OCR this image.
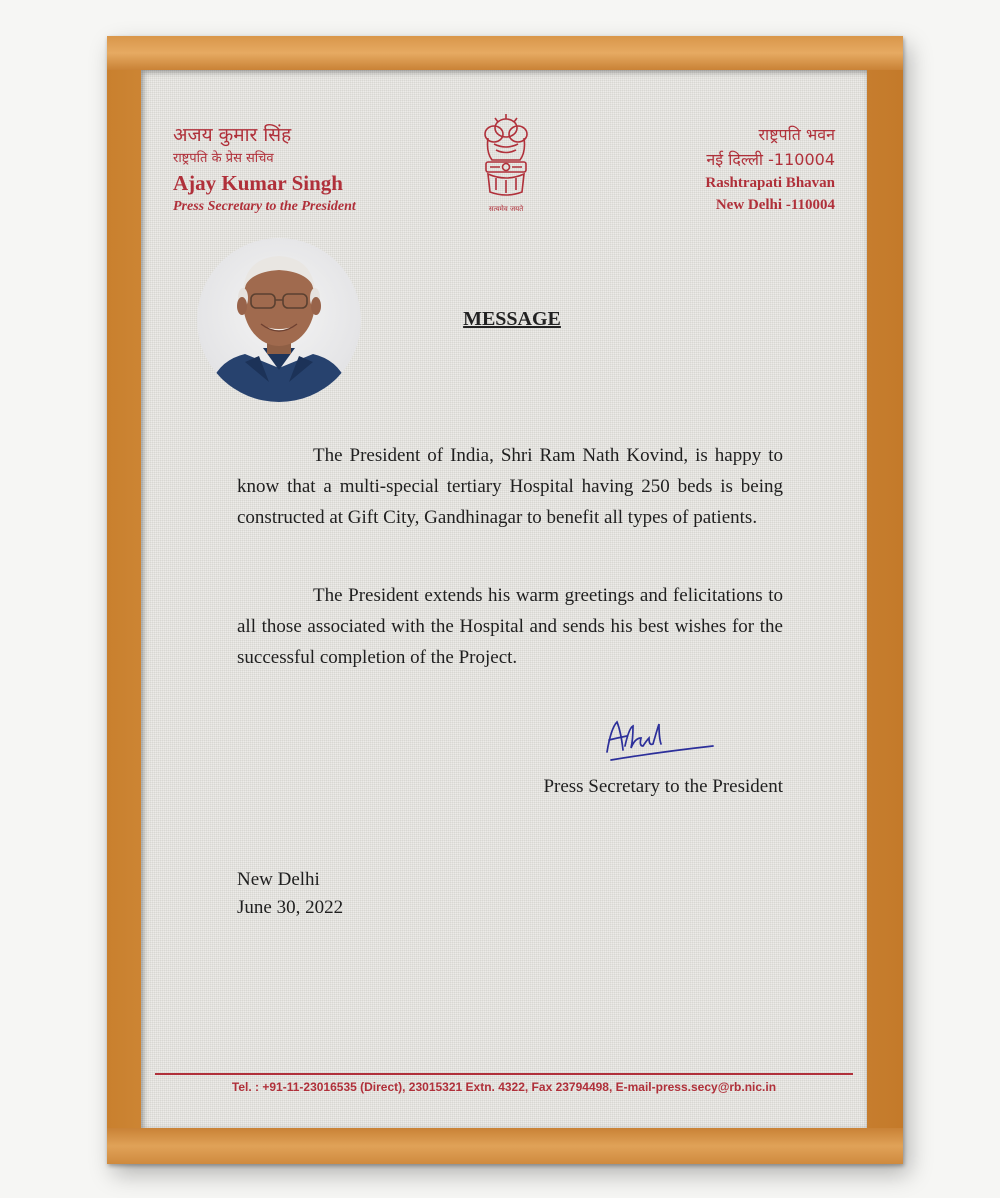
अजय कुमार सिंह
राष्ट्रपति के प्रेस सचिव
Ajay Kumar Singh
Press Secretary to the President	सत्यमेव जयते
राष्ट्रपति भवन
नई दिल्ली -110004
Rashtrapati Bhavan
New Delhi -110004
MESSAGE

The President of India, Shri Ram Nath Kovind, is happy to know that a multi-special tertiary Hospital having 250 beds is being constructed at Gift City, Gandhinagar to benefit all types of patients.

The President extends his warm greetings and felicitations to all those associated with the Hospital and sends his best wishes for the successful completion of the Project.

Press Secretary to the President
New Delhi
June 30, 2022
Tel. : +91-11-23016535 (Direct), 23015321 Extn. 4322, Fax 23794498, E-mail-press.secy@rb.nic.in
